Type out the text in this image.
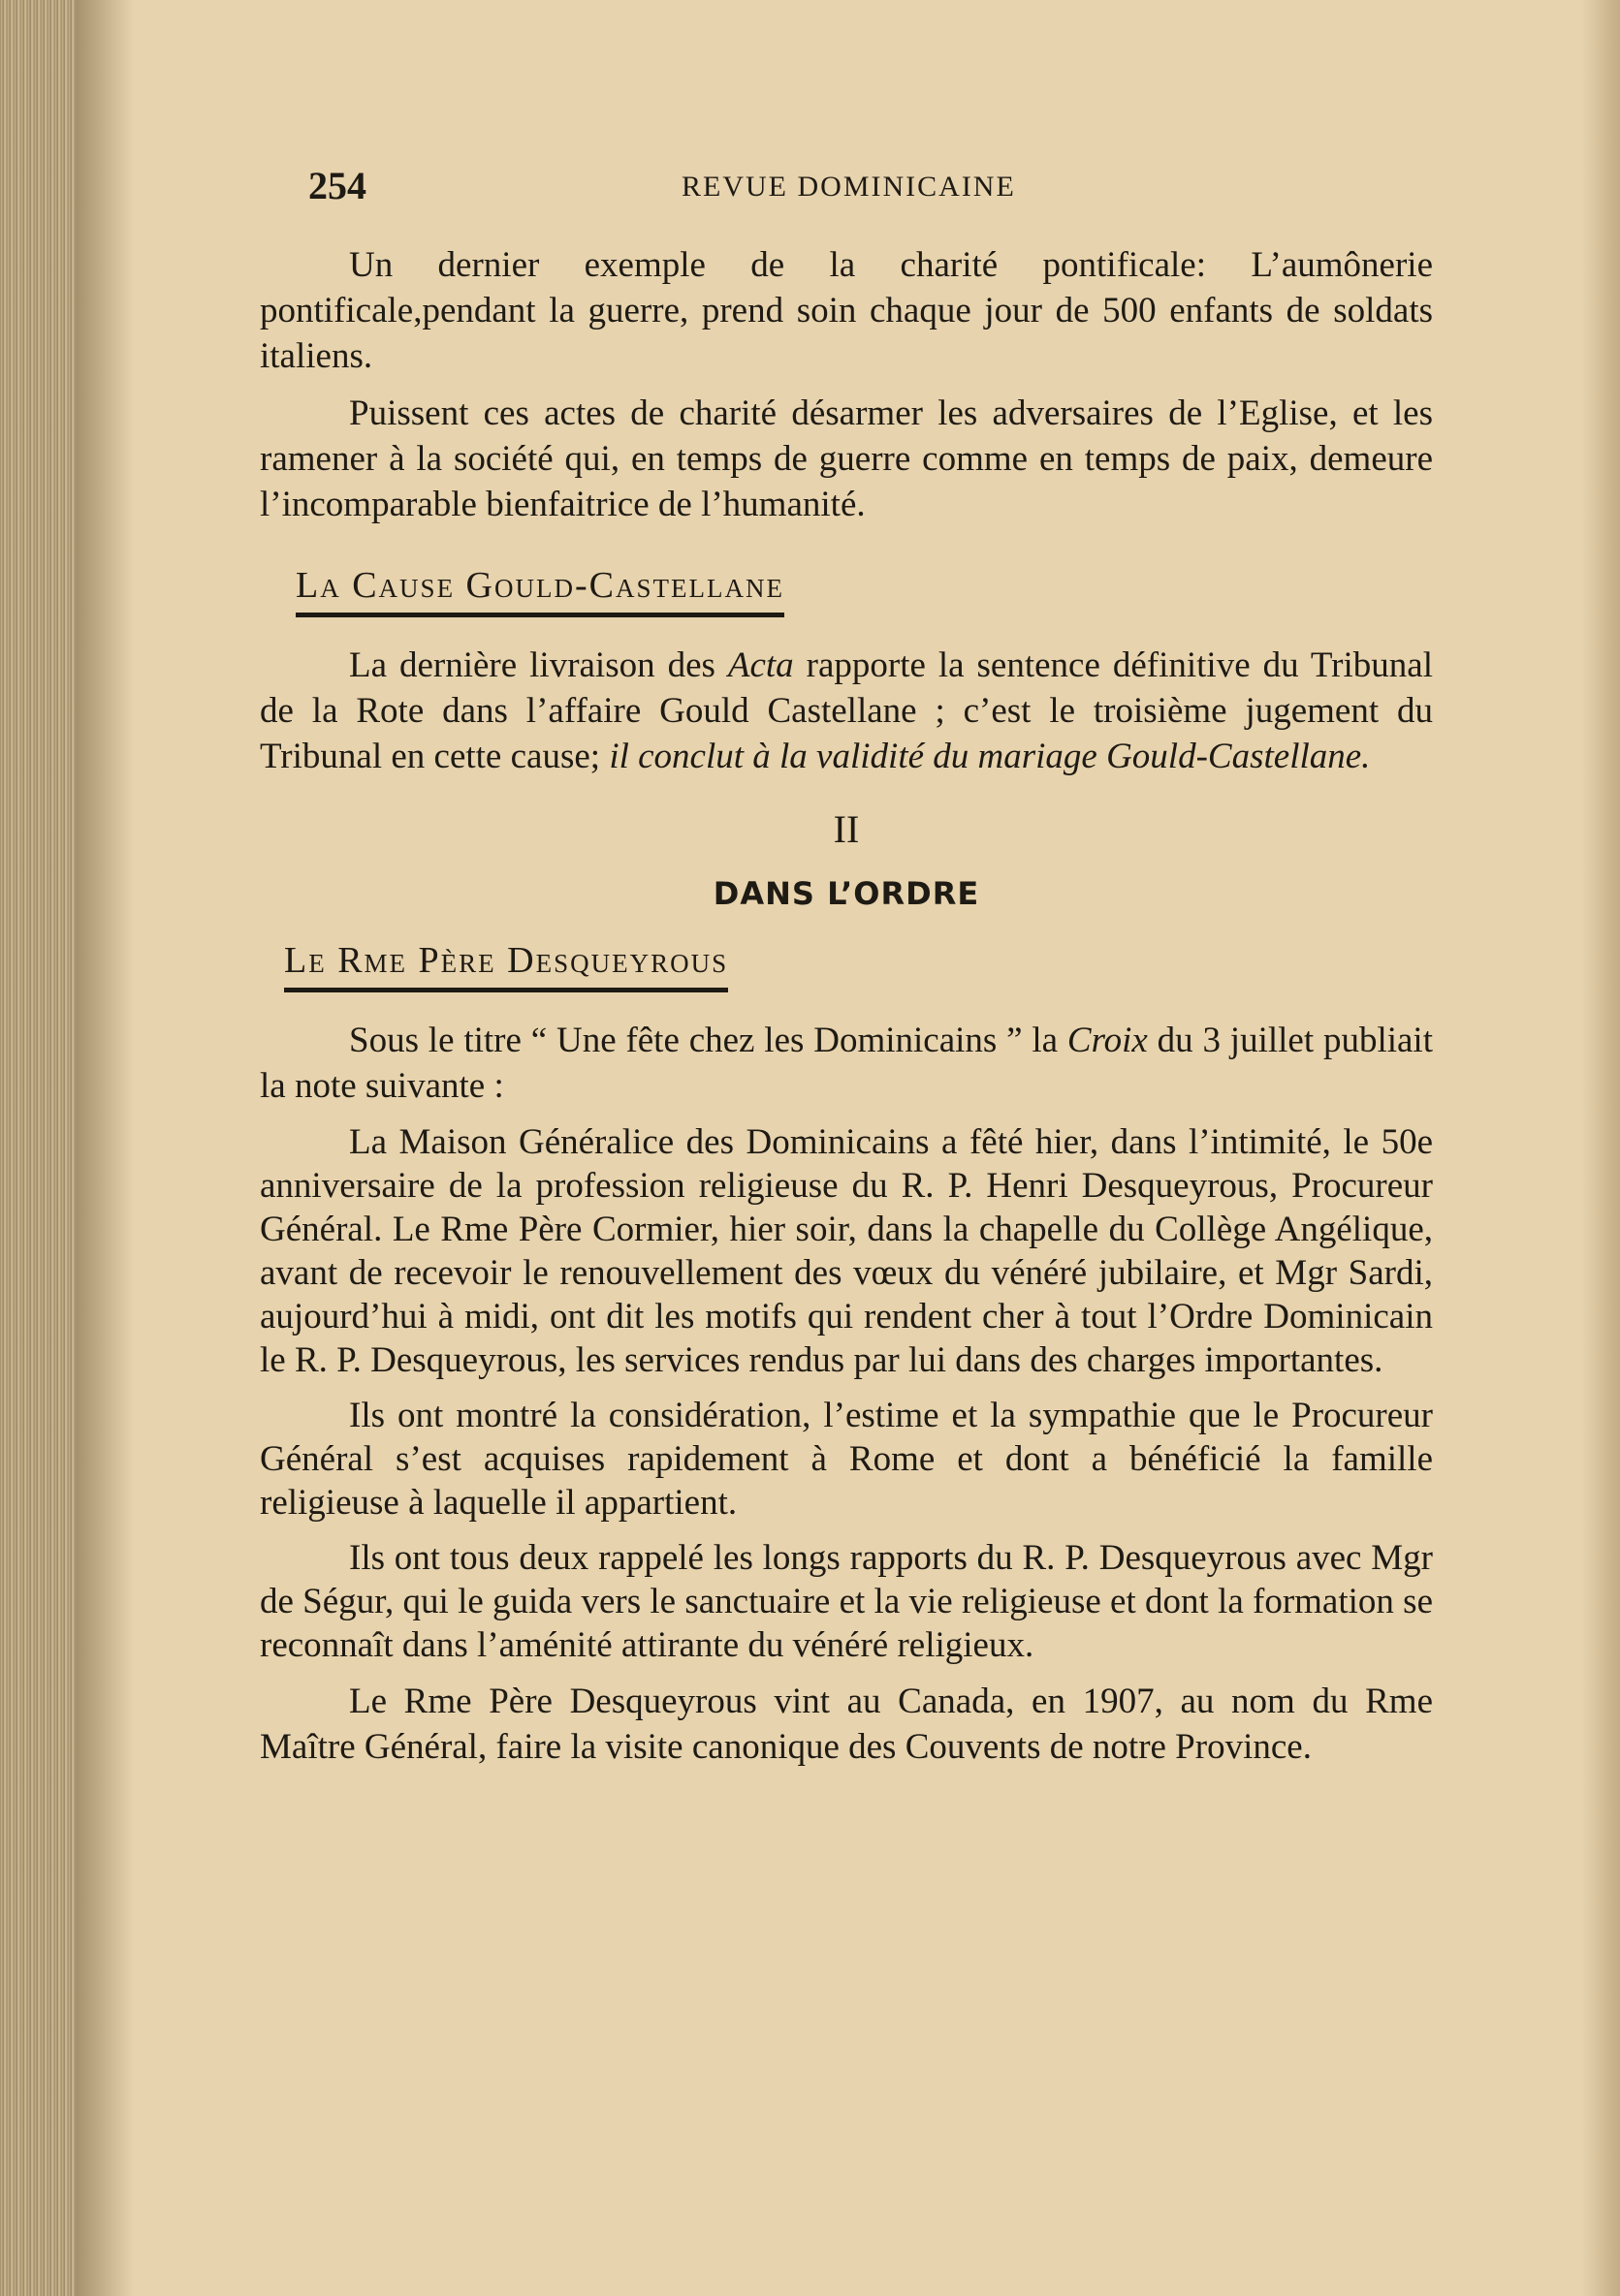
254	REVUE DOMINICAINE

Un dernier exemple de la charité pontificale: L’aumônerie pontificale,pendant la guerre, prend soin chaque jour de 500 enfants de soldats italiens.

Puissent ces actes de charité désarmer les adversaires de l’Eglise, et les ramener à la société qui, en temps de guerre comme en temps de paix, demeure l’incomparable bienfaitrice de l’humanité.

La Cause Gould-Castellane

La dernière livraison des Acta rapporte la sentence définitive du Tribunal de la Rote dans l’affaire Gould Castellane ; c’est le troisième jugement du Tribunal en cette cause; il conclut à la validité du mariage Gould-Castellane.

II
DANS L’ORDRE
Le Rme Père Desqueyrous

Sous le titre “ Une fête chez les Dominicains ” la Croix du 3 juillet publiait la note suivante :

La Maison Généralice des Dominicains a fêté hier, dans l’intimité, le 50e anniversaire de la profession religieuse du R. P. Henri Desqueyrous, Procureur Général. Le Rme Père Cormier, hier soir, dans la chapelle du Collège Angélique, avant de recevoir le renouvellement des vœux du vénéré jubilaire, et Mgr Sardi, aujourd’hui à midi, ont dit les motifs qui rendent cher à tout l’Ordre Dominicain le R. P. Desqueyrous, les services rendus par lui dans des charges importantes.

Ils ont montré la considération, l’estime et la sympathie que le Procureur Général s’est acquises rapidement à Rome et dont a bénéficié la famille religieuse à laquelle il appartient.

Ils ont tous deux rappelé les longs rapports du R. P. Desqueyrous avec Mgr de Ségur, qui le guida vers le sanctuaire et la vie religieuse et dont la formation se reconnaît dans l’aménité attirante du vénéré religieux.

Le Rme Père Desqueyrous vint au Canada, en 1907, au nom du Rme Maître Général, faire la visite canonique des Couvents de notre Province.
